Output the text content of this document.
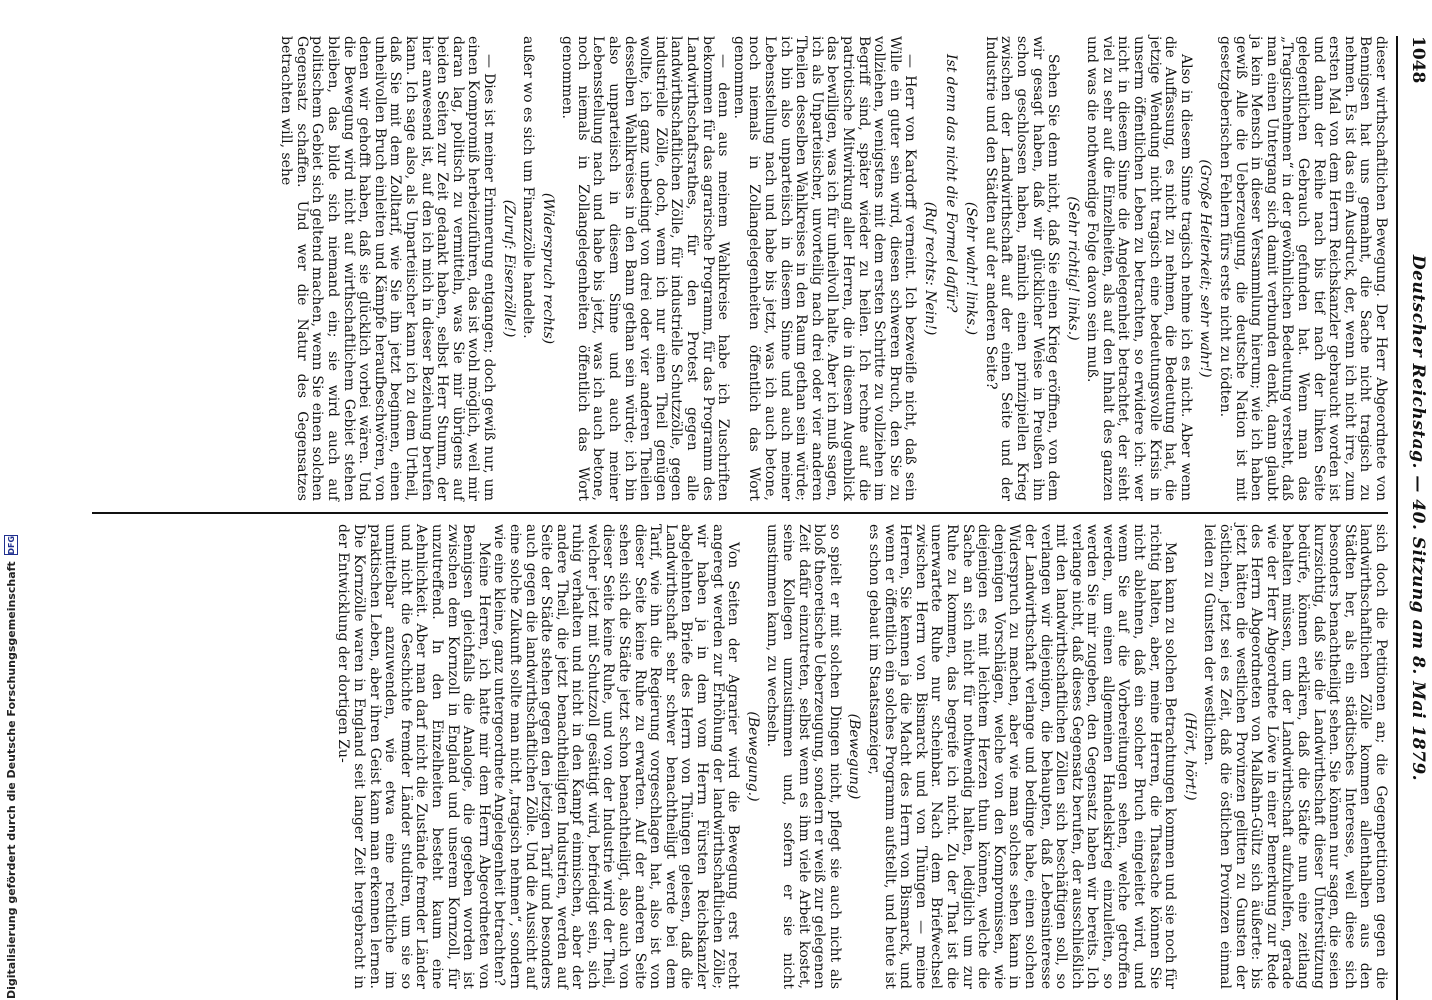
Digitalisierung gefördert durch die Deutsche Forschungsgemeinschaft
DFG
1048
Deutscher Reichstag. — 40. Sitzung am 8. Mai 1879.

dieser wirthschaftlichen Bewegung. Der Herr Abgeordnete von Bennigsen hat uns gemahnt, die Sache nicht tragisch zu nehmen. Es ist das ein Ausdruck, der, wenn ich nicht irre, zum ersten Mal von dem Herrn Reichskanzler gebraucht worden ist und dann der Reihe nach bis tief nach der linken Seite gelegentlichen Gebrauch gefunden hat. Wenn man das „Tragischnehmen“ in der gewöhnlichen Bedeutung versteht, daß man einen Untergang sich damit verbunden denkt, dann glaubt ja kein Mensch in dieser Versammlung hierum; wie ich haben gewiß Alle die Ueberzeugung, die deutsche Nation ist mit gesetzgeberischen Fehlern fürs erste nicht zu tödten.

(Große Heiterkeit; sehr wahr!)

Also in diesem Sinne tragisch nehme ich es nicht. Aber wenn die Auffassung, es nicht zu nehmen, die Bedeutung hat, die jetzige Wendung nicht tragisch eine bedeutungsvolle Krisis in unserm öffentlichen Leben zu betrachten, so erwidere ich: wer nicht in diesem Sinne die Angelegenheit betrachtet, der sieht viel zu sehr auf die Einzelheiten, als auf den Inhalt des ganzen und was die nothwendige Folge davon sein muß.

(Sehr richtig! links.)

Sehen Sie denn nicht, daß Sie einen Krieg eröffnen, von dem wir gesagt haben, daß wir glücklicher Weise in Preußen ihn schon geschlossen haben, nämlich einen prinzipiellen Krieg zwischen der Landwirthschaft auf der einen Seite und der Industrie und den Städten auf der anderen Seite?

(Sehr wahr! links.)

Ist denn das nicht die Formel dafür?

(Ruf rechts: Nein!)

— Herr von Kardorff verneint. Ich bezweifle nicht, daß sein Wille ein guter sein wird, diesen schweren Bruch, den Sie zu vollziehen, wenigstens mit dem ersten Schritte zu vollziehen im Begriff sind, später wieder zu heilen. Ich rechne auf die patriotische Mitwirkung aller Herren, die in diesem Augenblick das bewilligen, was ich für unheilvoll halte. Aber ich muß sagen, ich als Unparteiischer, unvorteilig nach drei oder vier anderen Theilen desselben Wahlkreises in den Raum gethan sein würde; ich bin also unparteiisch in diesem Sinne und auch meiner Lebensstellung nach und habe bis jetzt, was ich auch betone, noch niemals in Zollangelegenheiten öffentlich das Wort genommen.

— denn aus meinem Wahlkreise habe ich Zuschriften bekommen für das agrarische Programm, für das Programm des Landwirthschaftsrathes, für den Protest gegen alle landwirthschaftlichen Zölle, für industrielle Schutzzölle, gegen industrielle Zölle, doch, wenn ich nur einen Theil genügen wollte, ich ganz unbedingt von drei oder vier anderen Theilen desselben Wahlkreises in den Bann gethan sein würde; ich bin also unparteiisch in diesem Sinne und auch meiner Lebensstellung nach und habe bis jetzt, was ich auch betone, noch niemals in Zollangelegenheiten öffentlich das Wort genommen.

(Widerspruch rechts)

außer wo es sich um Finanzzölle handelte.

(Zuruf: Eisenzölle!)

— Dies ist meiner Erinnerung entgangen; doch gewiß nur, um einen Kompromiß herbeizuführen, das ist wohl möglich, weil mir daran lag, politisch zu vermitteln, was Sie mir übrigens auf beiden Seiten zur Zeit gedankt haben, selbst Herr Stumm, der hier anwesend ist, auf den ich mich in dieser Beziehung berufen kann. Ich sage also, als Unparteiischer kann ich zu dem Urtheil, daß Sie mit dem Zolltarif, wie Sie ihn jetzt beginnen, einen unheilvollen Bruch einleiten und Kämpfe heraufbeschwören, von denen wir gehofft haben, daß sie glücklich vorbei wären. Und die Bewegung wird nicht auf wirthschaftlichem Gebiet stehen bleiben, das bilde sich niemand ein; sie wird auch auf politischem Gebiet sich geltend machen, wenn Sie einen solchen Gegensatz schaffen. Und wer die Natur des Gegensatzes betrachten will, sehe

sich doch die Petitionen an; die Gegenpetitionen gegen die landwirthschaftlichen Zölle kommen allenthalben aus den Städten her, als ein städtisches Interesse, weil diese sich besonders benachtheiligt sehen. Sie können nur sagen, die seien kurzsichtig, daß sie die Landwirthschaft dieser Unterstützung bedürfe, können erklären, daß die Städte nun eine zeitlang behalten müssen, um der Landwirthschaft aufzuhelfen, gerade wie der Herr Abgeordnete Löwe in einer Bemerkung zur Rede des Herrn Abgeordneten von Malßahn-Gültz sich äußerte: bis jetzt hätten die westlichen Provinzen gelitten zu Gunsten der östlichen, jetzt sei es Zeit, daß die östlichen Provinzen einmal leiden zu Gunsten der westlichen.

(Hört, hört!)

Man kann zu solchen Betrachtungen kommen und sie noch für richtig halten, aber, meine Herren, die Thatsache können Sie nicht ablehnen, daß ein solcher Bruch eingeleitet wird, und wenn Sie auf die Vorbereitungen sehen, welche getroffen werden, um einen allgemeinen Handelskrieg einzuleiten, so werden Sie mir zugeben, den Gegensatz haben wir bereits. Ich verlange nicht, daß dieses Gegensatz berufen, der ausschließlich mit den landwirthschaftlichen Zöllen sich beschäftigen soll, so verlangen wir diejenigen, die behaupten, daß Lebensinteresse der Landwirthschaft verlange und bedinge habe, einen solchen Widerspruch zu machen, aber wie man solches sehen kann in denjenigen Vorschlägen, welche von den Kompromissen, wie diejenigen es mit leichtem Herzen thun können, welche die Sache an sich nicht für nothwendig halten, lediglich um zur Ruhe zu kommen, das begreife ich nicht. Zu der That ist die unerwartete Ruhe nur scheinbar. Nach dem Briefwechsel zwischen Herrn von Bismarck und von Thüngen — meine Herren, Sie kennen ja die Macht des Herrn von Bismarck, und wenn er öffentlich ein solches Programm aufstellt, und heute ist es schon gebaut im Staatsanzeiger,

(Bewegung)

so spielt er mit solchen Dingen nicht, pflegt sie auch nicht als bloß theoretische Ueberzeugung, sondern er weiß zur gelegenen Zeit dafür einzutreten, selbst wenn es ihm viele Arbeit kostet, seine Kollegen umzustimmen und, sofern er sie nicht umstimmen kann, zu wechseln.

(Bewegung.)

Von Seiten der Agrarier wird die Bewegung erst recht angeregt werden zur Erhöhung der landwirthschaftlichen Zölle; wir haben ja in dem vom Herrn Fürsten Reichskanzler abgelehnten Briefe des Herrn von Thüngen gelesen, daß die Landwirthschaft sehr schwer benachtheiligt werde bei dem Tarif, wie ihn die Regierung vorgeschlagen hat, also ist von dieser Seite keine Ruhe zu erwarten. Auf der anderen Seite sehen sich die Städte jetzt schon benachtheiligt, also auch von dieser Seite keine Ruhe, und von der Industrie wird der Theil, welcher jetzt mit Schutzzoll gesättigt wird, befriedigt sein, sich ruhig verhalten und nicht in den Kampf einmischen, aber der andere Theil, die jetzt benachtheiligten Industrien, werden auf Seite der Städte stehen gegen den jetzigen Tarif und besonders auch gegen die landwirthschaftlichen Zölle. Und die Aussicht auf eine solche Zukunft sollte man nicht „tragisch nehmen“, sondern wie eine kleine, ganz untergeordnete Angelegenheit betrachten?

Meine Herren, ich hatte mir dem Herrn Abgeordneten von Bennigsen gleichfalls die Analogie, die gegeben worden ist zwischen dem Kornzoll in England und unserem Kornzoll, für unzutreffend. In den Einzelheiten besteht kaum eine Aehnlichkeit. Aber man darf nicht die Zustände fremder Länder und nicht die Geschichte fremder Länder studiren, um sie so unmittelbar anzuwenden, wie etwa eine rechtliche im praktischen Leben, aber ihren Geist kann man erkennen lernen. Die Kornzölle waren in England seit langer Zeit hergebracht in der Entwicklung der dortigen Zu-
